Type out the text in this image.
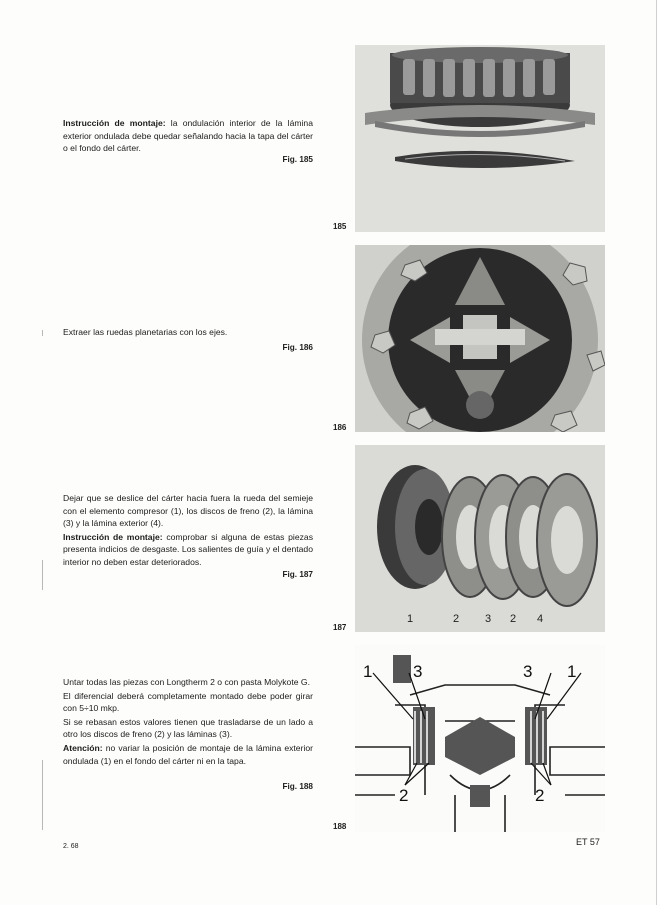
Instrucción de montaje: la ondulación interior de la lámina exterior ondulada debe quedar señalando hacia la tapa del cárter o el fondo del cárter.

Fig. 185
185

Extraer las ruedas planetarias con los ejes.

Fig. 186
186

Dejar que se deslice del cárter hacia fuera la rueda del semieje con el elemento compresor (1), los discos de freno (2), la lámina (3) y la lámina exterior (4).

Instrucción de montaje: comprobar si alguna de estas piezas presenta indicios de desgaste. Los salientes de guía y el dentado interior no deben estar deteriorados.

Fig. 187
1	2 3 2 4
187

Untar todas las piezas con Longtherm 2 o con pasta Molykote G.

El diferencial deberá completamente montado debe poder girar con 5÷10 mkp.

Si se rebasan estos valores tienen que trasladarse de un lado a otro los discos de freno (2) y las láminas (3).

Atención: no variar la posición de montaje de la lámina exterior ondulada (1) en el fondo del cárter ni en la tapa.

Fig. 188
1 3	3 1
2	2
188
2. 68	ET 57
